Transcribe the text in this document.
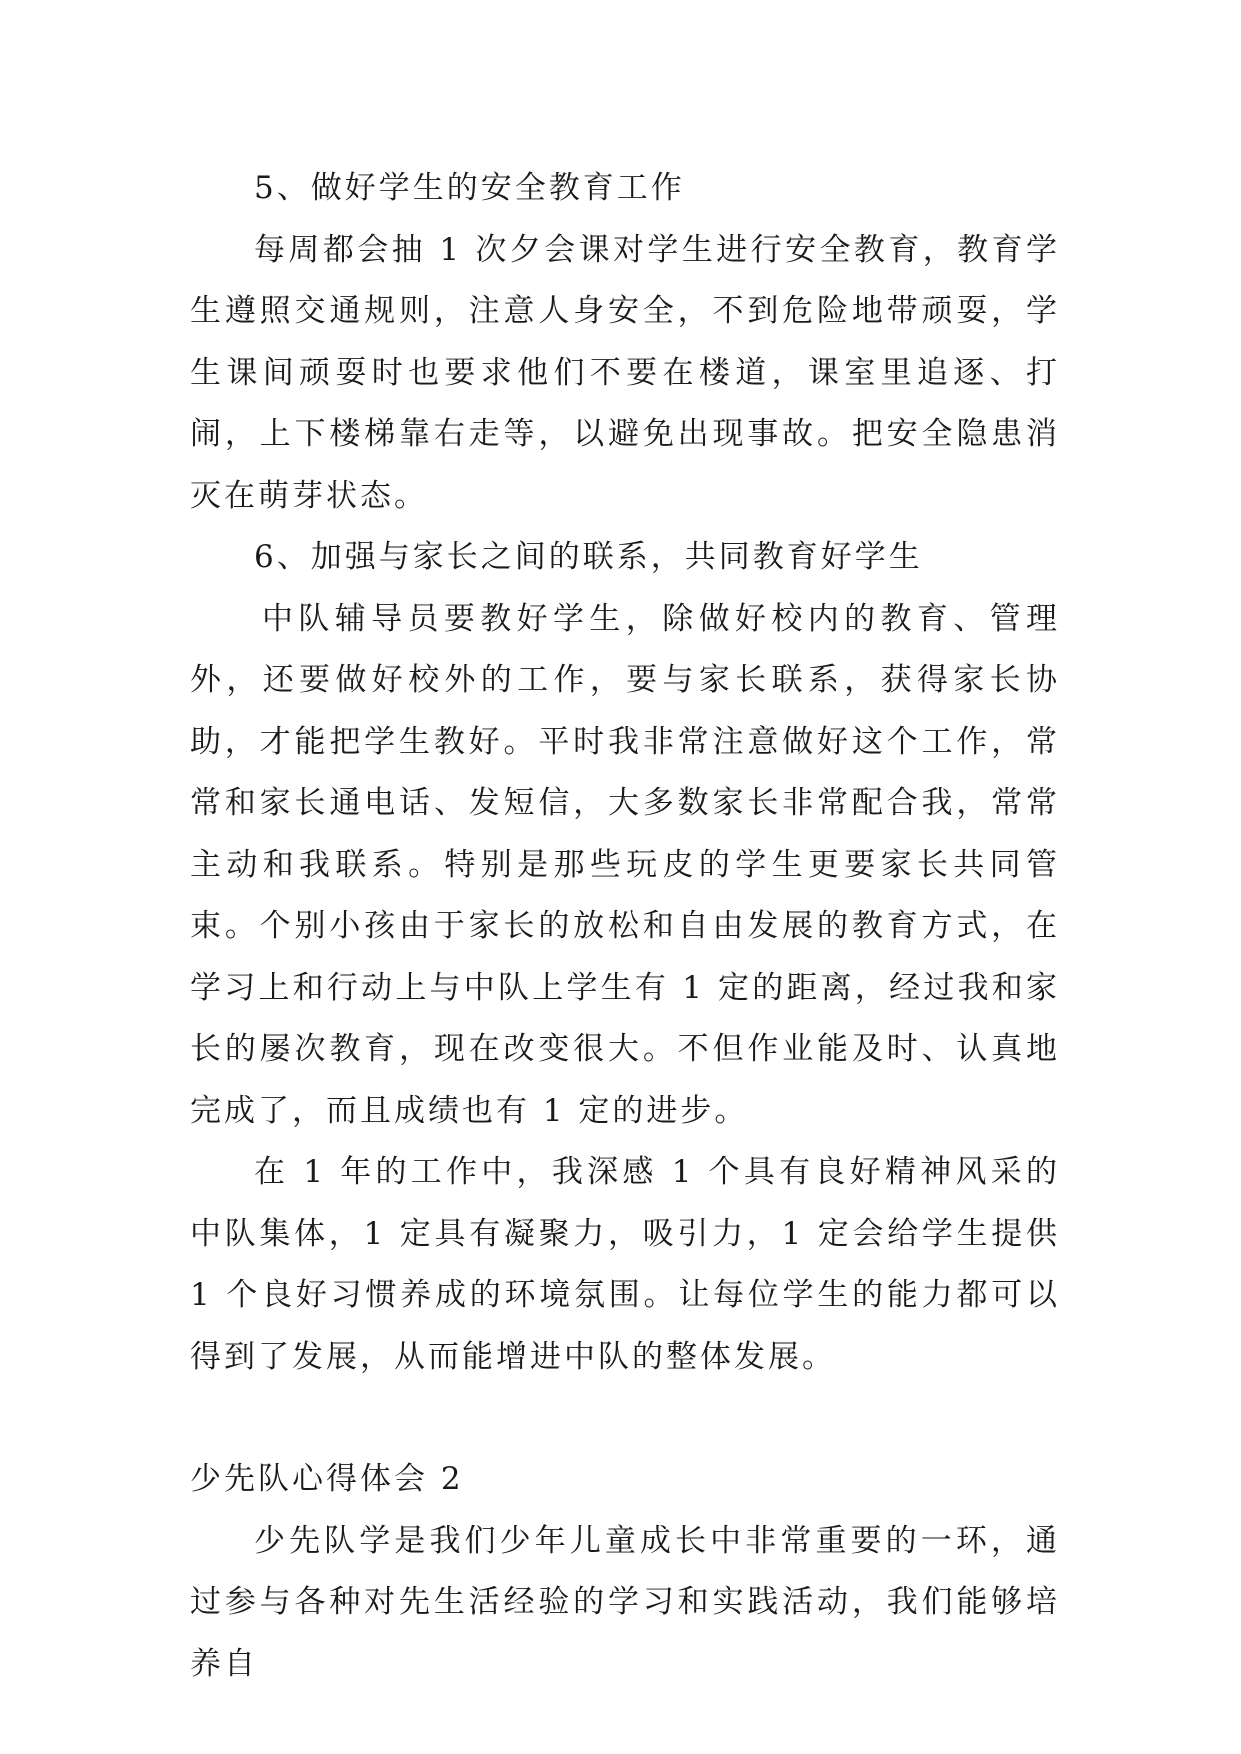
5、做好学生的安全教育工作

每周都会抽 1 次夕会课对学生进行安全教育，教育学生遵照交通规则，注意人身安全，不到危险地带顽耍，学生课间顽耍时也要求他们不要在楼道，课室里追逐、打闹，上下楼梯靠右走等，以避免出现事故。把安全隐患消灭在萌芽状态。

6、加强与家长之间的联系，共同教育好学生

中队辅导员要教好学生，除做好校内的教育、管理外，还要做好校外的工作，要与家长联系，获得家长协助，才能把学生教好。平时我非常注意做好这个工作，常常和家长通电话、发短信，大多数家长非常配合我，常常主动和我联系。特别是那些玩皮的学生更要家长共同管束。个别小孩由于家长的放松和自由发展的教育方式，在学习上和行动上与中队上学生有 1 定的距离，经过我和家长的屡次教育，现在改变很大。不但作业能及时、认真地完成了，而且成绩也有 1 定的进步。

在 1 年的工作中，我深感 1 个具有良好精神风采的中队集体，1 定具有凝聚力，吸引力，1 定会给学生提供 1 个良好习惯养成的环境氛围。让每位学生的能力都可以得到了发展，从而能增进中队的整体发展。

少先队心得体会 2

少先队学是我们少年儿童成长中非常重要的一环，通过参与各种对先生活经验的学习和实践活动，我们能够培养自
